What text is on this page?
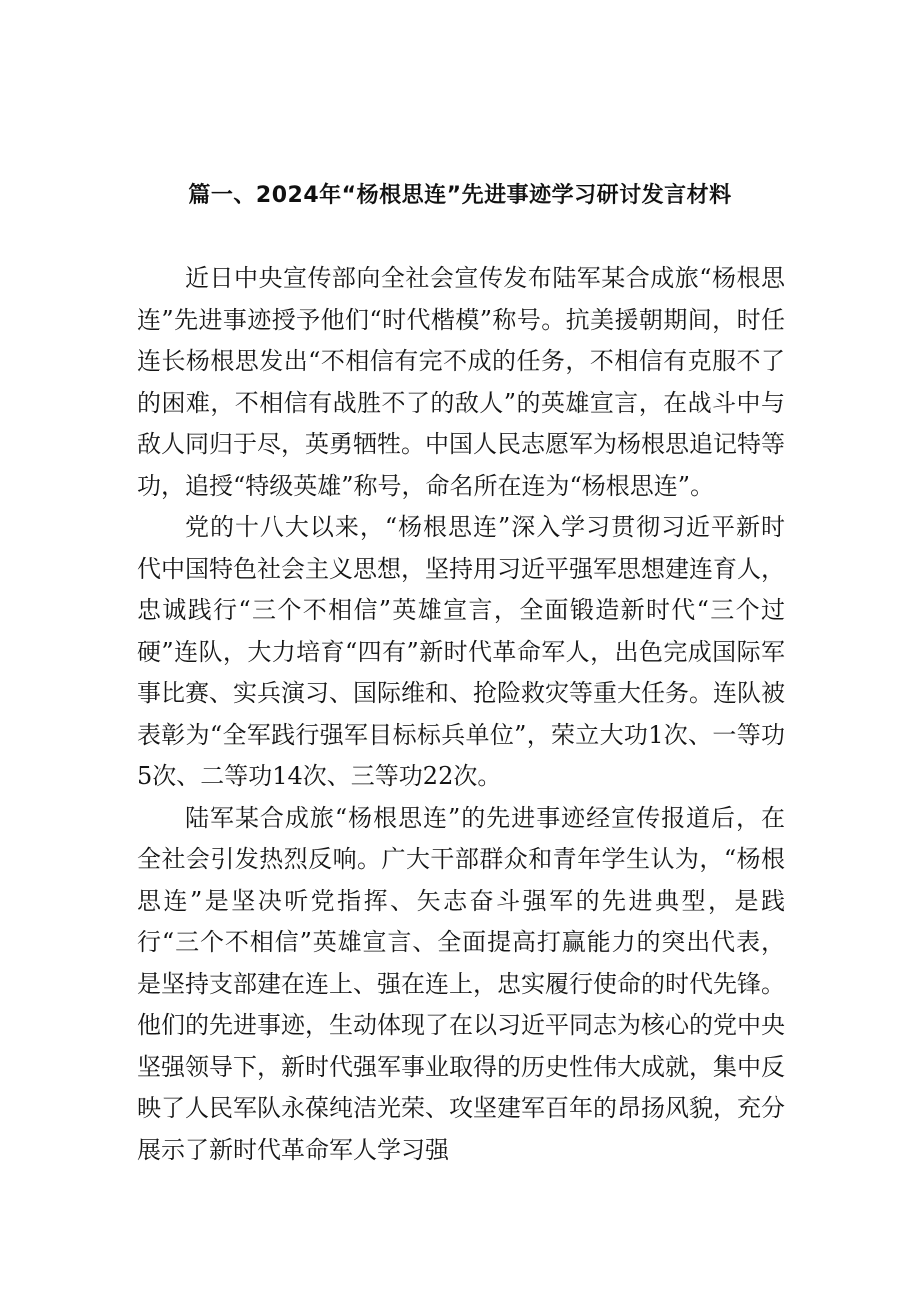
篇一、2024年“杨根思连”先进事迹学习研讨发言材料

近日中央宣传部向全社会宣传发布陆军某合成旅“杨根思连”先进事迹授予他们“时代楷模”称号。抗美援朝期间，时任连长杨根思发出“不相信有完不成的任务，不相信有克服不了的困难，不相信有战胜不了的敌人”的英雄宣言，在战斗中与敌人同归于尽，英勇牺牲。中国人民志愿军为杨根思追记特等功，追授“特级英雄”称号，命名所在连为“杨根思连”。

党的十八大以来，“杨根思连”深入学习贯彻习近平新时代中国特色社会主义思想，坚持用习近平强军思想建连育人，忠诚践行“三个不相信”英雄宣言，全面锻造新时代“三个过硬”连队，大力培育“四有”新时代革命军人，出色完成国际军事比赛、实兵演习、国际维和、抢险救灾等重大任务。连队被表彰为“全军践行强军目标标兵单位”，荣立大功1次、一等功5次、二等功14次、三等功22次。

陆军某合成旅“杨根思连”的先进事迹经宣传报道后，在全社会引发热烈反响。广大干部群众和青年学生认为，“杨根思连”是坚决听党指挥、矢志奋斗强军的先进典型，是践行“三个不相信”英雄宣言、全面提高打赢能力的突出代表，是坚持支部建在连上、强在连上，忠实履行使命的时代先锋。他们的先进事迹，生动体现了在以习近平同志为核心的党中央坚强领导下，新时代强军事业取得的历史性伟大成就，集中反映了人民军队永葆纯洁光荣、攻坚建军百年的昂扬风貌，充分展示了新时代革命军人学习强
